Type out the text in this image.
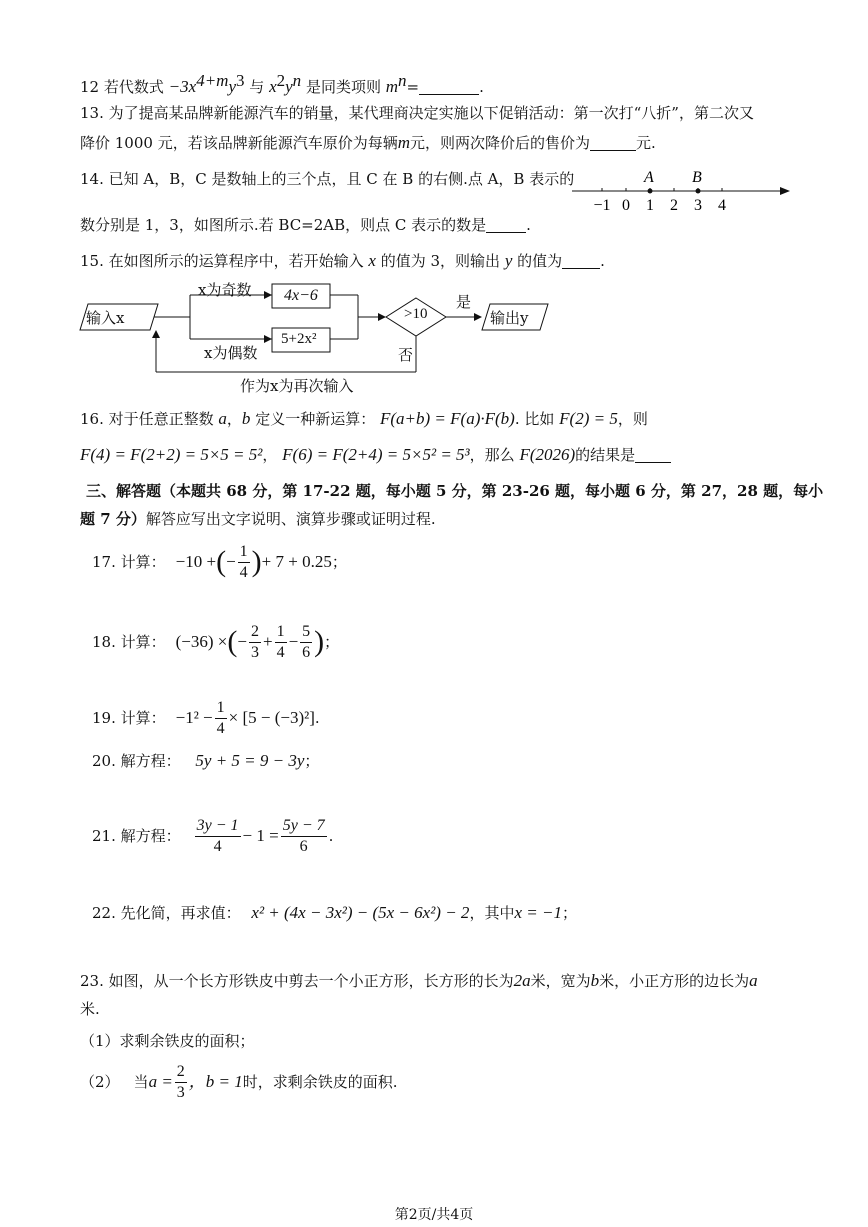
12 若代数式 $-3x^{4+m}y^3$ 与 $x^2y^n$ 是同类项则 $m^n=$	.
13. 为了提高某品牌新能源汽车的销量，某代理商决定实施以下促销活动：第一次打“八折”，第二次又
降价 1000 元，若该品牌新能源汽车原价为每辆m元，则两次降价后的售价为	元.
14. 已知 A，B，C 是数轴上的三个点，且 C 在 B 的右侧.点 A，B 表示的
−1 0 1 2 3 4
A B
数分别是 1，3，如图所示.若 BC=2AB，则点 C 表示的数是	.
15. 在如图所示的运算程序中，若开始输入 x 的值为 3，则输出 y 的值为	.
输入x
x为奇数
x为偶数
4x−6
5+2x²
>10
是
否
输出y
作为x为再次输入
16. 对于任意正整数 a，b 定义一种新运算： F(a+b) = F(a)·F(b). 比如 F(2) = 5，则
F(4) = F(2+2) = 5×5 = 5²， F(6) = F(2+4) = 5×5² = 5³，那么 F(2026)的结果是
三、解答题（本题共 68 分，第 17-22 题，每小题 5 分，第 23-26 题，每小题 6 分，第 27，28 题，每小
题 7 分）解答应写出文字说明、演算步骤或证明过程.
17. 计算： −10 + ( − $\frac{1}{4}$ ) + 7 + 0.25 ；
18. 计算： (−36) × ( − $\frac{2}{3} + \frac{1}{4} - \frac{5}{6}$ ) ；
19. 计算： $-1^2 - \frac{1}{4} \times [5 - (-3)^2]$ .
20. 解方程： 5y + 5 = 9 − 3y；
21. 解方程： $\frac{3y - 1}{4} - 1 = \frac{5y - 7}{6}$ .
22. 先化简，再求值： x² + (4x − 3x²) − (5x − 6x²) − 2，其中x = −1；
23. 如图，从一个长方形铁皮中剪去一个小正方形，长方形的长为2a米，宽为b米，小正方形的边长为a
米.
（1）求剩余铁皮的面积；
（2） 当 $a = \frac{2}{3}$ ，b = 1 时，求剩余铁皮的面积.
第2页/共4页
